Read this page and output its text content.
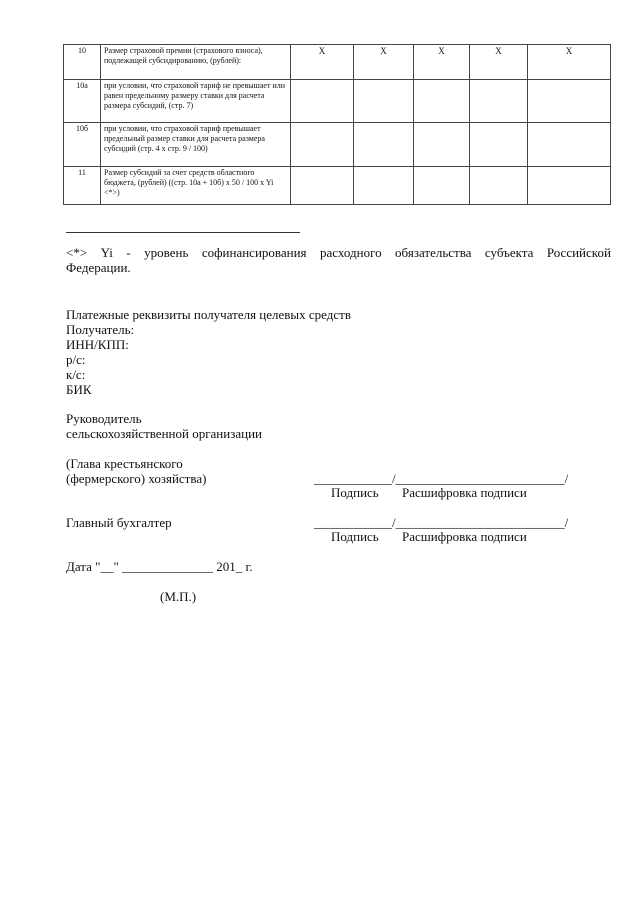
10	Размер страховой премии (страхового взноса), подлежащей субсидированию, (рублей):	X	X	X	X	X
10а	при условии, что страховой тариф не превышает или равен предельному размеру ставки для расчета размера субсидий, (стр. 7)					
10б	при условии, что страховой тариф превышает предельный размер ставки для расчета размера субсидий (стр. 4 х стр. 9 / 100)					
11	Размер субсидий за счет средств областного бюджета, (рублей) ((стр. 10а + 10б) x 50 / 100 x Yi <*>)					
<*> Yi - уровень софинансирования расходного обязательства субъекта Российской
Федерации.
Платежные реквизиты получателя целевых средств
Получатель:
ИНН/КПП:
р/с:
к/с:
БИК
Руководитель
сельскохозяйственной организации
(Глава крестьянского
(фермерского) хозяйства)	____________/__________________________/
Подпись Расшифровка подписи
Главный бухгалтер	____________/__________________________/
Подпись Расшифровка подписи
Дата "__" ______________ 201_ г.
(М.П.)
